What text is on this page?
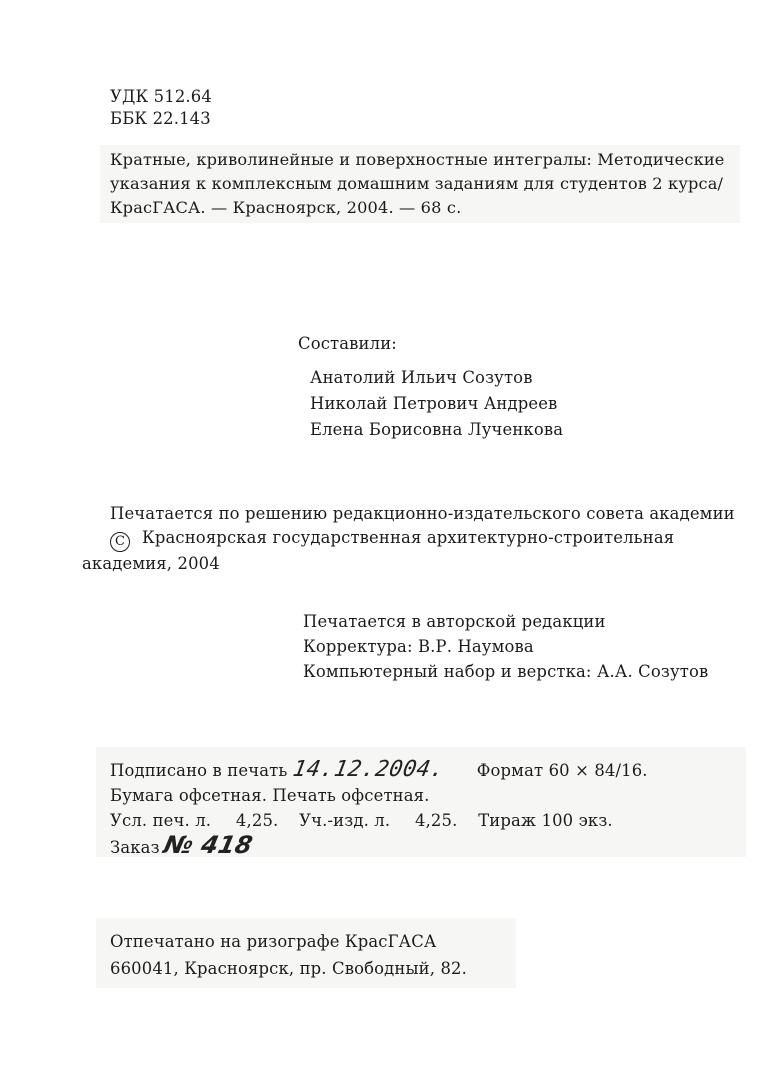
УДК 512.64
ББК 22.143
Кратные, криволинейные и поверхностные интегралы: Методические
указания к комплексным домашним заданиям для студентов 2 курса/
КрасГАСА. — Красноярск, 2004. — 68 с.
Составили:
Анатолий Ильич Созутов
Николай Петрович Андреев
Елена Борисовна Лученкова
Печатается по решению редакционно-издательского совета академии
C Красноярская государственная архитектурно-строительная
академия, 2004
Печатается в авторской редакции
Корректура: В.Р. Наумова
Компьютерный набор и верстка: А.А. Созутов
Подписано в печать 14.12.2004. Формат 60 × 84/16.
Бумага офсетная. Печать офсетная.
Усл. печ. л. 4,25. Уч.-изд. л. 4,25. Тираж 100 экз.
Заказ№ 418
Отпечатано на ризографе КрасГАСА
660041, Красноярск, пр. Свободный, 82.
